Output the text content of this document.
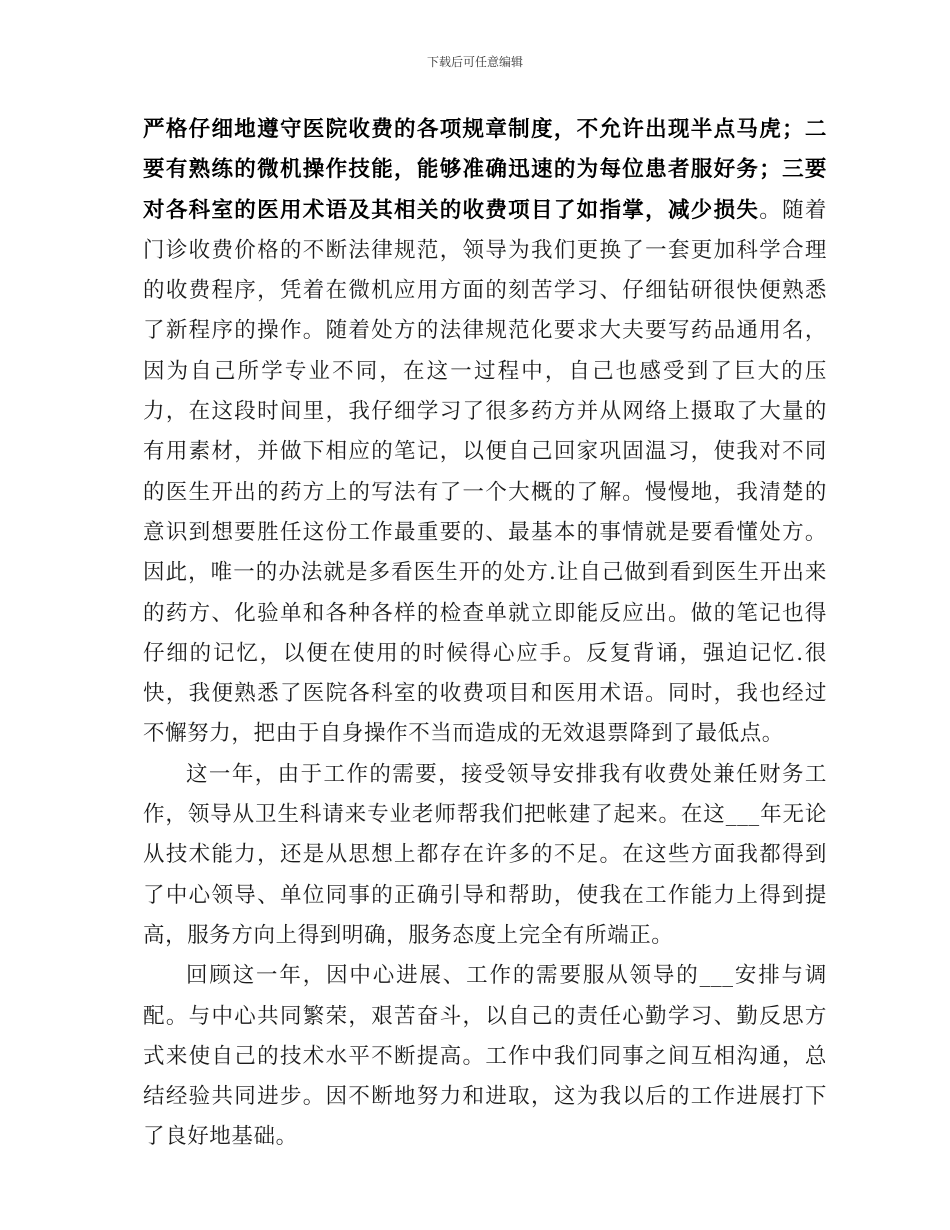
下载后可任意编辑

严格仔细地遵守医院收费的各项规章制度，不允许出现半点马虎；二要有熟练的微机操作技能，能够准确迅速的为每位患者服好务；三要对各科室的医用术语及其相关的收费项目了如指掌，减少损失。随着门诊收费价格的不断法律规范，领导为我们更换了一套更加科学合理的收费程序，凭着在微机应用方面的刻苦学习、仔细钻研很快便熟悉了新程序的操作。随着处方的法律规范化要求大夫要写药品通用名，因为自己所学专业不同，在这一过程中，自己也感受到了巨大的压力，在这段时间里，我仔细学习了很多药方并从网络上摄取了大量的有用素材，并做下相应的笔记，以便自己回家巩固温习，使我对不同的医生开出的药方上的写法有了一个大概的了解。慢慢地，我清楚的意识到想要胜任这份工作最重要的、最基本的事情就是要看懂处方。因此，唯一的办法就是多看医生开的处方.让自己做到看到医生开出来的药方、化验单和各种各样的检查单就立即能反应出。做的笔记也得仔细的记忆，以便在使用的时候得心应手。反复背诵，强迫记忆.很快，我便熟悉了医院各科室的收费项目和医用术语。同时，我也经过不懈努力，把由于自身操作不当而造成的无效退票降到了最低点。

这一年，由于工作的需要，接受领导安排我有收费处兼任财务工作，领导从卫生科请来专业老师帮我们把帐建了起来。在这___年无论从技术能力，还是从思想上都存在许多的不足。在这些方面我都得到了中心领导、单位同事的正确引导和帮助，使我在工作能力上得到提高，服务方向上得到明确，服务态度上完全有所端正。

回顾这一年，因中心进展、工作的需要服从领导的___安排与调配。与中心共同繁荣，艰苦奋斗，以自己的责任心勤学习、勤反思方式来使自己的技术水平不断提高。工作中我们同事之间互相沟通，总结经验共同进步。因不断地努力和进取，这为我以后的工作进展打下了良好地基础。
